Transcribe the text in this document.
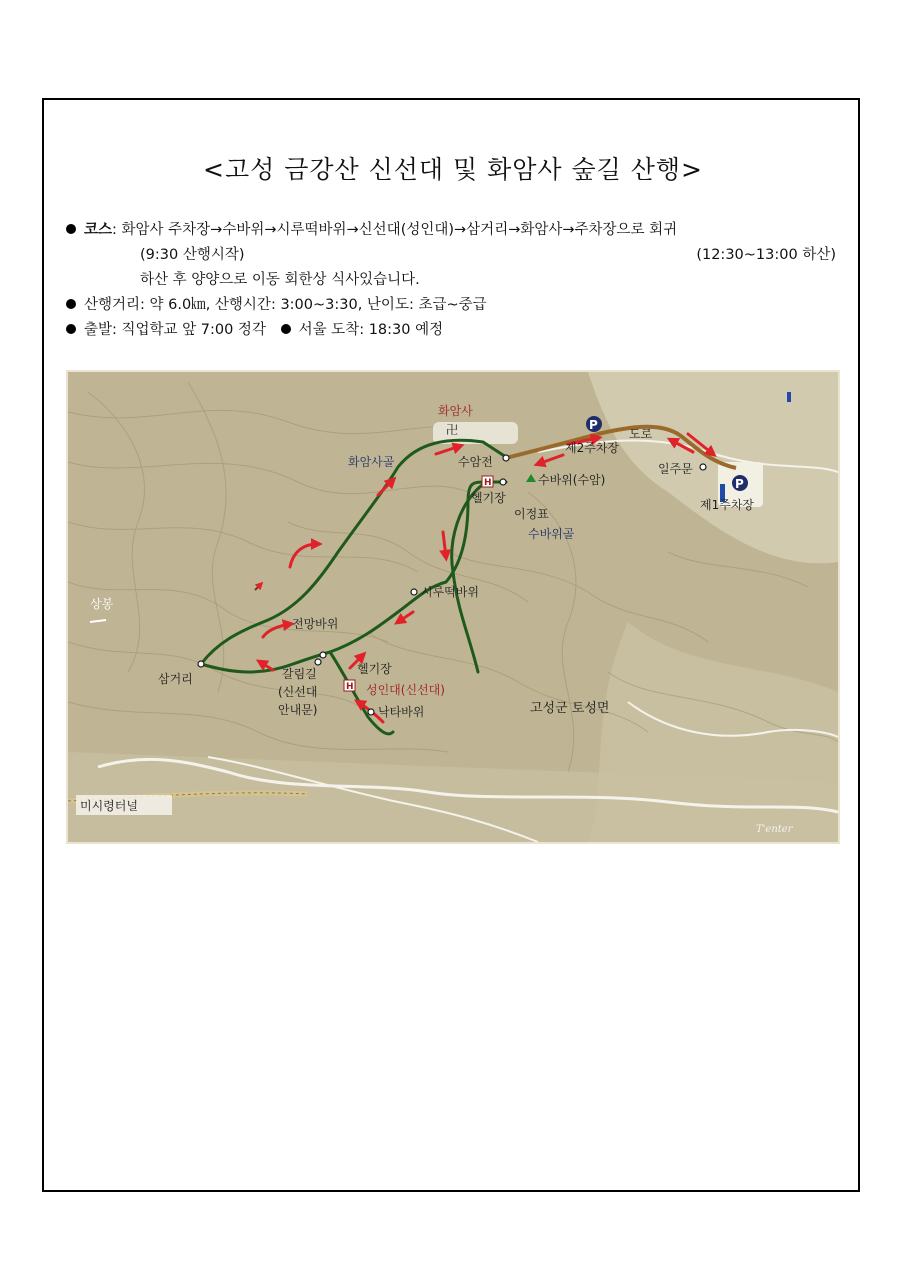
<고성 금강산 신선대 및 화암사 숲길 산행>
코스: 화암사 주차장→수바위→시루떡바위→신선대(성인대)→삼거리→화암사→주차장으로 회귀
(9:30 산행시작)	(12:30~13:00 하산)
하산 후 양양으로 이동 회한상 식사있습니다.
산행거리: 약 6.0㎞, 산행시간: 3:00~3:30, 난이도: 초급~중급
출발: 직업학교 앞 7:00 정각 서울 도착: 18:30 예정
H
H
P
P
화암사
卍
화암사골	수암전
헬기장
제2주차장
도로
일주문
제1주차장
수바위(수암)
이정표
수바위골
시루떡바위
전망바위
헬기장
성인대(신선대)
낙타바위
갈림길
(신선대
안내문)
삼거리
상봉
고성군 토성면
미시령터널
T'enter
